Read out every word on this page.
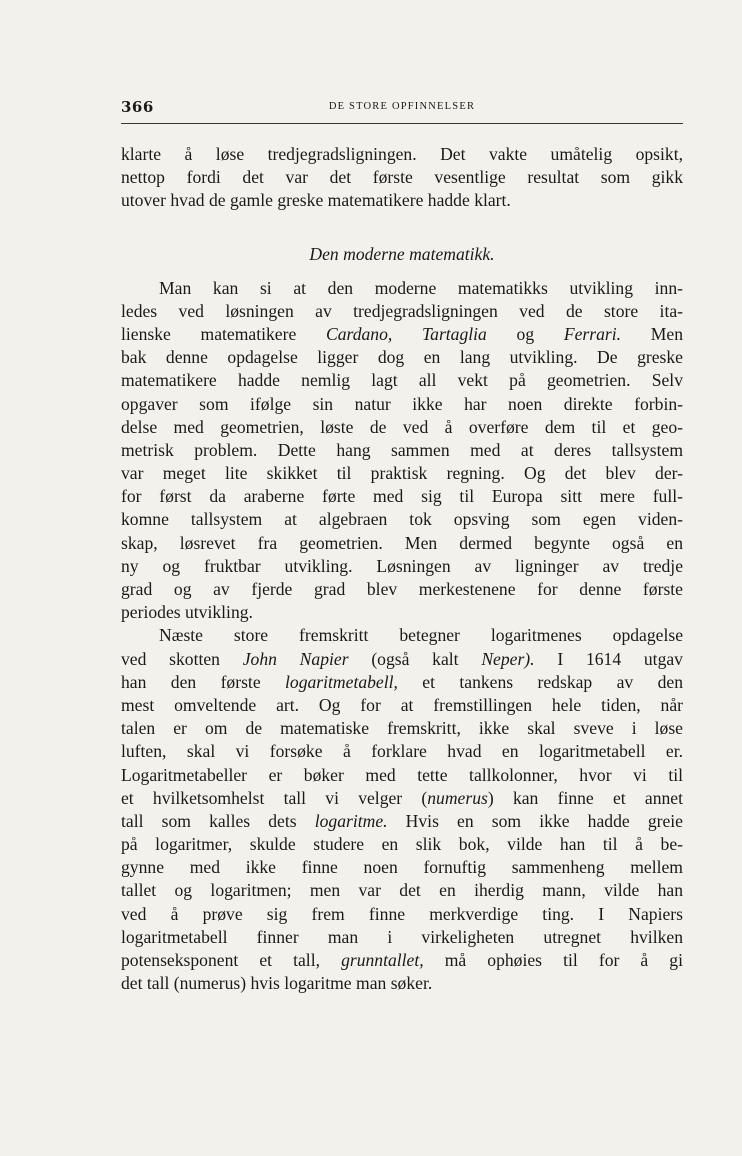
366	DE STORE OPFINNELSER
klarte å løse tredjegradsligningen. Det vakte umåtelig opsikt,
nettop fordi det var det første vesentlige resultat som gikk
utover hvad de gamle greske matematikere hadde klart.
Den moderne matematikk.
Man kan si at den moderne matematikks utvikling inn-
ledes ved løsningen av tredjegradsligningen ved de store ita-
lienske matematikere Cardano, Tartaglia og Ferrari. Men
bak denne opdagelse ligger dog en lang utvikling. De greske
matematikere hadde nemlig lagt all vekt på geometrien. Selv
opgaver som ifølge sin natur ikke har noen direkte forbin-
delse med geometrien, løste de ved å overføre dem til et geo-
metrisk problem. Dette hang sammen med at deres tallsystem
var meget lite skikket til praktisk regning. Og det blev der-
for først da araberne førte med sig til Europa sitt mere full-
komne tallsystem at algebraen tok opsving som egen viden-
skap, løsrevet fra geometrien. Men dermed begynte også en
ny og fruktbar utvikling. Løsningen av ligninger av tredje
grad og av fjerde grad blev merkestenene for denne første
periodes utvikling.
Næste store fremskritt betegner logaritmenes opdagelse
ved skotten John Napier (også kalt Neper). I 1614 utgav
han den første logaritmetabell, et tankens redskap av den
mest omveltende art. Og for at fremstillingen hele tiden, når
talen er om de matematiske fremskritt, ikke skal sveve i løse
luften, skal vi forsøke å forklare hvad en logaritmetabell er.
Logaritmetabeller er bøker med tette tallkolonner, hvor vi til
et hvilketsomhelst tall vi velger (numerus) kan finne et annet
tall som kalles dets logaritme. Hvis en som ikke hadde greie
på logaritmer, skulde studere en slik bok, vilde han til å be-
gynne med ikke finne noen fornuftig sammenheng mellem
tallet og logaritmen; men var det en iherdig mann, vilde han
ved å prøve sig frem finne merkverdige ting. I Napiers
logaritmetabell finner man i virkeligheten utregnet hvilken
potenseksponent et tall, grunntallet, må ophøies til for å gi
det tall (numerus) hvis logaritme man søker.
